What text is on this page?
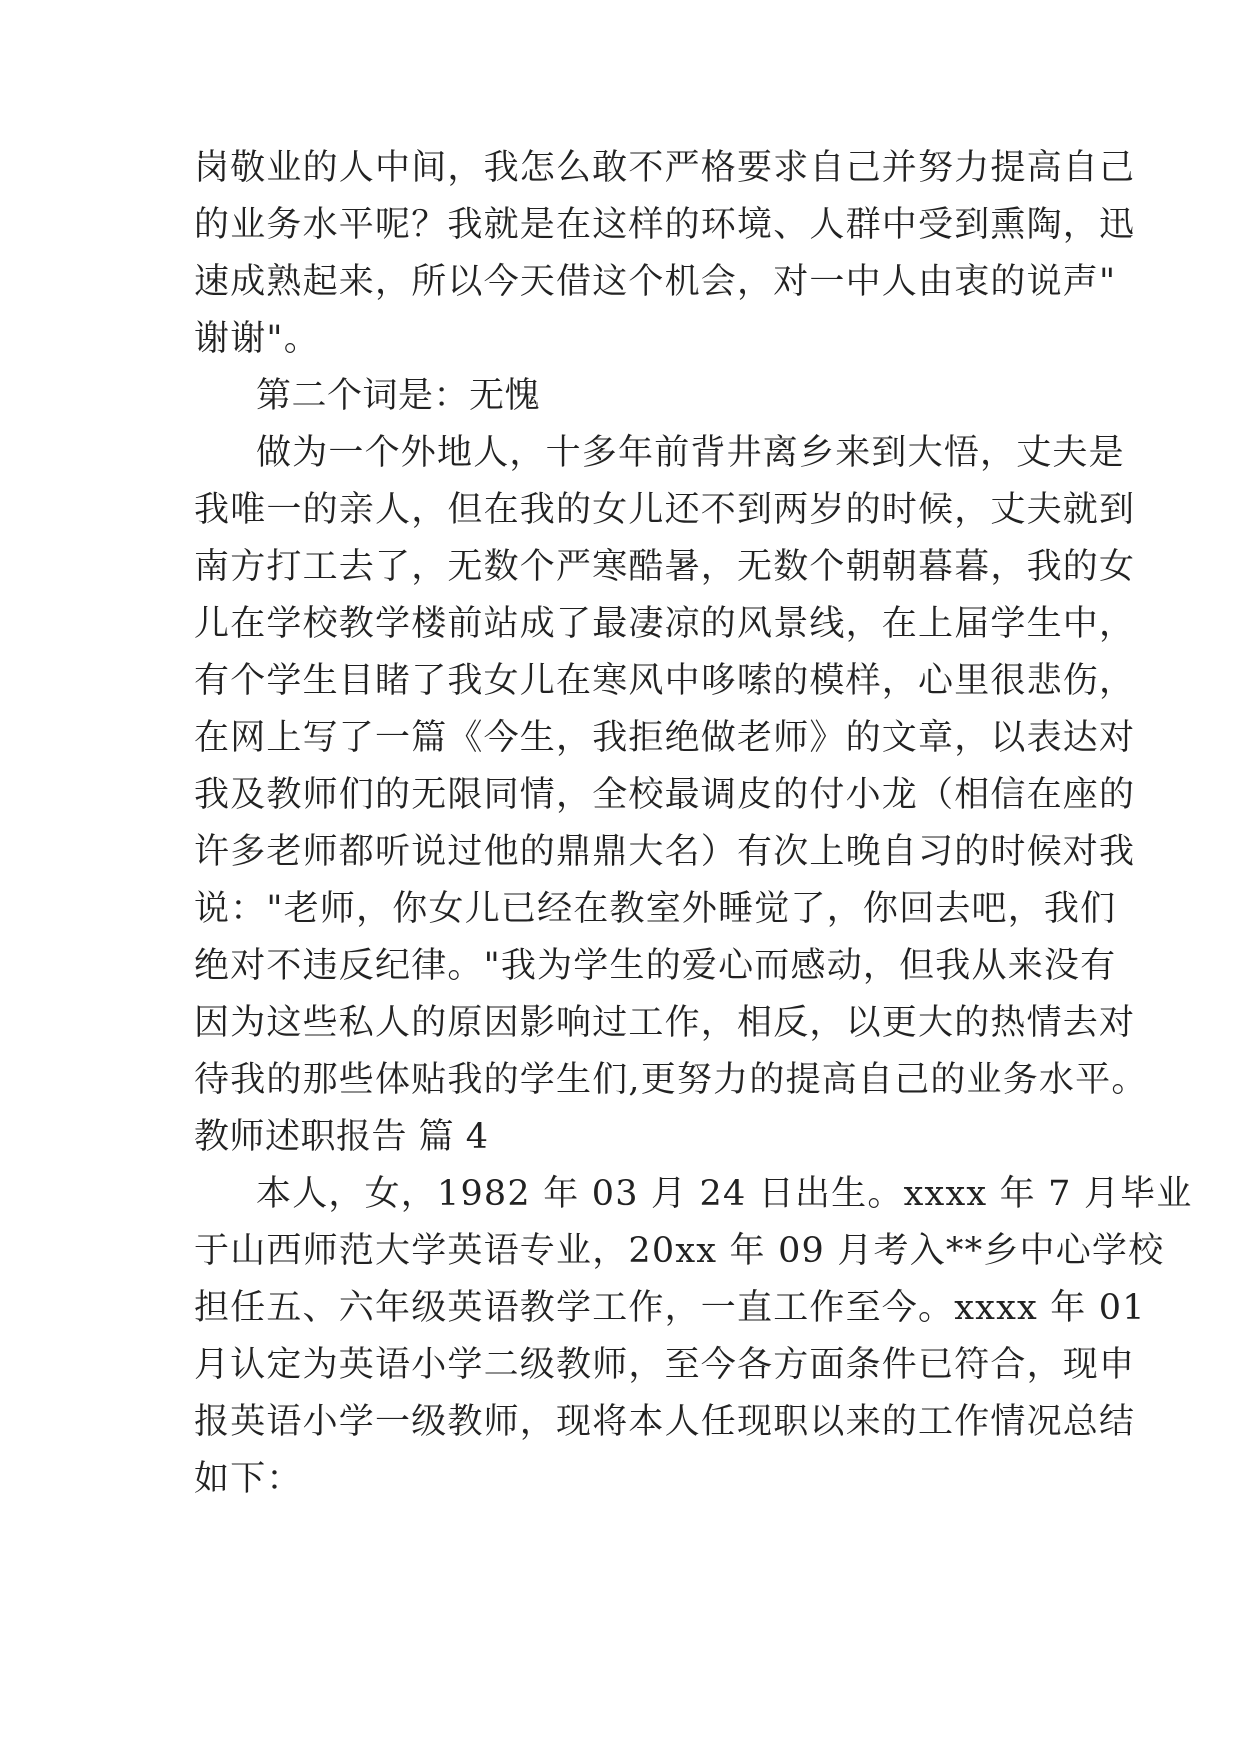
岗敬业的人中间，我怎么敢不严格要求自己并努力提高自己
的业务水平呢？我就是在这样的环境、人群中受到熏陶，迅
速成熟起来，所以今天借这个机会，对一中人由衷的说声"
谢谢"。
第二个词是：无愧
做为一个外地人，十多年前背井离乡来到大悟，丈夫是
我唯一的亲人，但在我的女儿还不到两岁的时候，丈夫就到
南方打工去了，无数个严寒酷暑，无数个朝朝暮暮，我的女
儿在学校教学楼前站成了最凄凉的风景线，在上届学生中，
有个学生目睹了我女儿在寒风中哆嗦的模样，心里很悲伤，
在网上写了一篇《今生，我拒绝做老师》的文章，以表达对
我及教师们的无限同情，全校最调皮的付小龙（相信在座的
许多老师都听说过他的鼎鼎大名）有次上晚自习的时候对我
说："老师，你女儿已经在教室外睡觉了，你回去吧，我们
绝对不违反纪律。"我为学生的爱心而感动，但我从来没有
因为这些私人的原因影响过工作，相反，以更大的热情去对
待我的那些体贴我的学生们,更努力的提高自己的业务水平。
教师述职报告 篇 4
本人，女，1982 年 03 月 24 日出生。xxxx 年 7 月毕业
于山西师范大学英语专业，20xx 年 09 月考入**乡中心学校
担任五、六年级英语教学工作，一直工作至今。xxxx 年 01
月认定为英语小学二级教师，至今各方面条件已符合，现申
报英语小学一级教师，现将本人任现职以来的工作情况总结
如下：
